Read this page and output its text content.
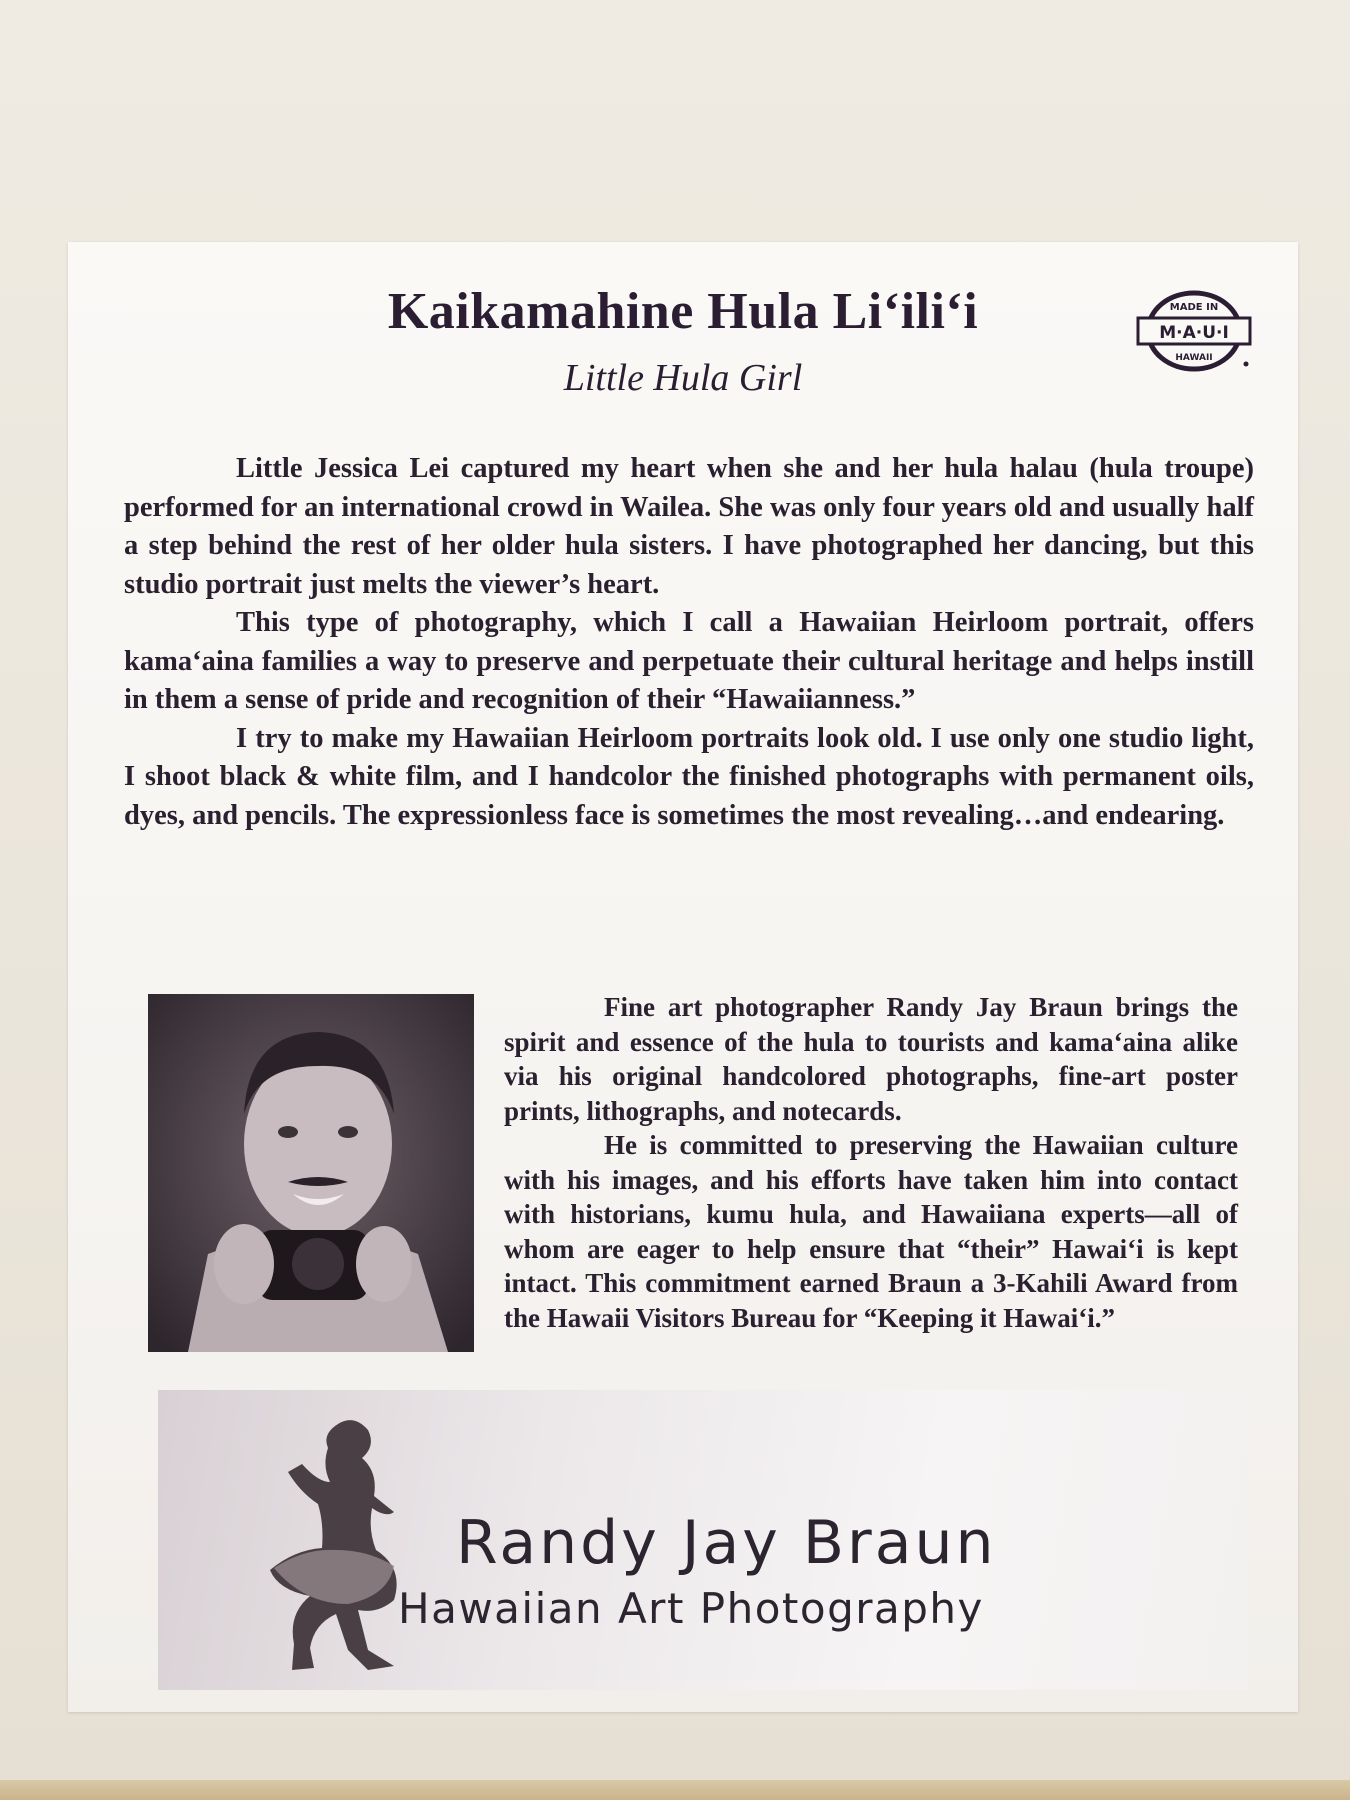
Kaikamahine Hula Liʻiliʻi
Little Hula Girl
M·A·U·I
MADE IN
HAWAII

Little Jessica Lei captured my heart when she and her hula halau (hula troupe) performed for an international crowd in Wailea. She was only four years old and usually half a step behind the rest of her older hula sisters. I have photographed her dancing, but this studio portrait just melts the viewer’s heart.

This type of photography, which I call a Hawaiian Heirloom portrait, offers kamaʻaina families a way to preserve and perpetuate their cultural heritage and helps instill in them a sense of pride and recognition of their “Hawaiianness.”

I try to make my Hawaiian Heirloom portraits look old. I use only one studio light, I shoot black & white film, and I handcolor the finished photographs with permanent oils, dyes, and pencils. The expressionless face is sometimes the most revealing…and endearing.

Fine art photographer Randy Jay Braun brings the spirit and essence of the hula to tourists and kamaʻaina alike via his original handcolored photographs, fine-art poster prints, lithographs, and notecards.

He is committed to preserving the Hawaiian culture with his images, and his efforts have taken him into contact with historians, kumu hula, and Hawaiiana experts—all of whom are eager to help ensure that “their” Hawaiʻi is kept intact. This commitment earned Braun a 3-Kahili Award from the Hawaii Visitors Bureau for “Keeping it Hawaiʻi.”

Randy Jay Braun
Hawaiian Art Photography
